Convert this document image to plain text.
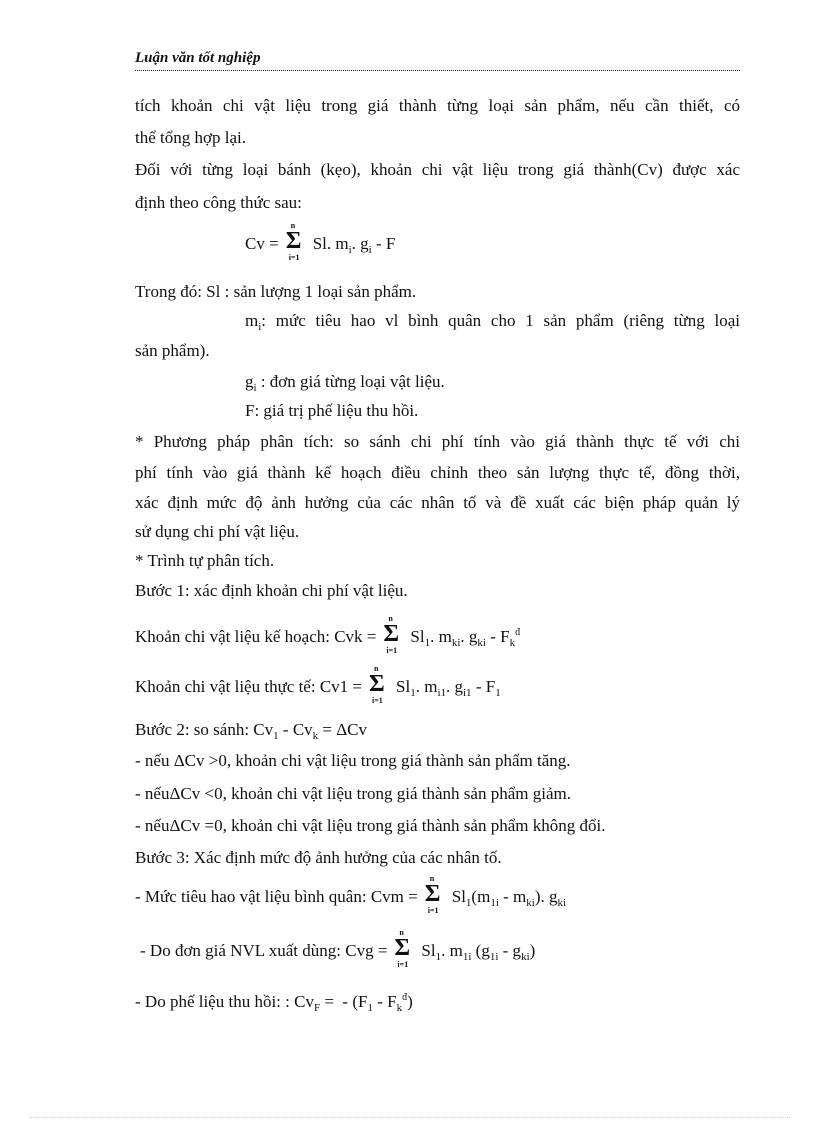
Luận văn tốt nghiệp
tích khoản chi vật liệu trong giá thành từng loại sản phẩm, nếu cần thiết, có
thể tổng hợp lại.
Đối với từng loại bánh (kẹo), khoản chi vật liệu trong giá thành(Cv) được xác
định theo công thức sau:
Cv =
n
Σ
i=1
Sl. $m_i$. $g_i$ - F
Trong đó: Sl : sản lượng 1 loại sản phẩm.
$m_i$: mức tiêu hao vl bình quân cho 1 sản phẩm (riêng từng loại
sản phẩm).
$g_i$ : đơn giá từng loại vật liệu.
F: giá trị phế liệu thu hồi.
* Phương pháp phân tích: so sánh chi phí tính vào giá thành thực tế với chi
phí tính vào giá thành kế hoạch điều chỉnh theo sản lượng thực tế, đồng thời,
xác định mức độ ảnh hưởng của các nhân tố và đề xuất các biện pháp quản lý
sử dụng chi phí vật liệu.
* Trình tự phân tích.
Bước 1: xác định khoản chi phí vật liệu.
Khoản chi vật liệu kế hoạch: Cvk =
n
Σ
i=1
$Sl_1$. $m_{ki}$. $g_{ki} - F_k^đ$
Khoản chi vật liệu thực tế: Cv1 =
n
Σ
i=1
$Sl_1$. $m_{i1}$. $g_{i1} - F_1$
Bước 2: so sánh: $Cv_1 - Cv_k = \Delta Cv$
- nếu ΔCv >0, khoản chi vật liệu trong giá thành sản phẩm tăng.
- nếuΔCv <0, khoản chi vật liệu trong giá thành sản phẩm giảm.
- nếuΔCv =0, khoản chi vật liệu trong giá thành sản phẩm không đổi.
Bước 3: Xác định mức độ ảnh hưởng của các nhân tố.
- Mức tiêu hao vật liệu bình quân: Cvm =
n
Σ
i=1
$Sl_1(m_{1i} - m_{ki})$. $g_{ki}$
- Do đơn giá NVL xuất dùng: Cvg =
n
Σ
i=1
$Sl_1$. $m_{1i}$ $(g_{1i} - g_{ki})$
- Do phế liệu thu hồi: : $Cv_F$ =  - $(F_1 - F_k^đ)$
